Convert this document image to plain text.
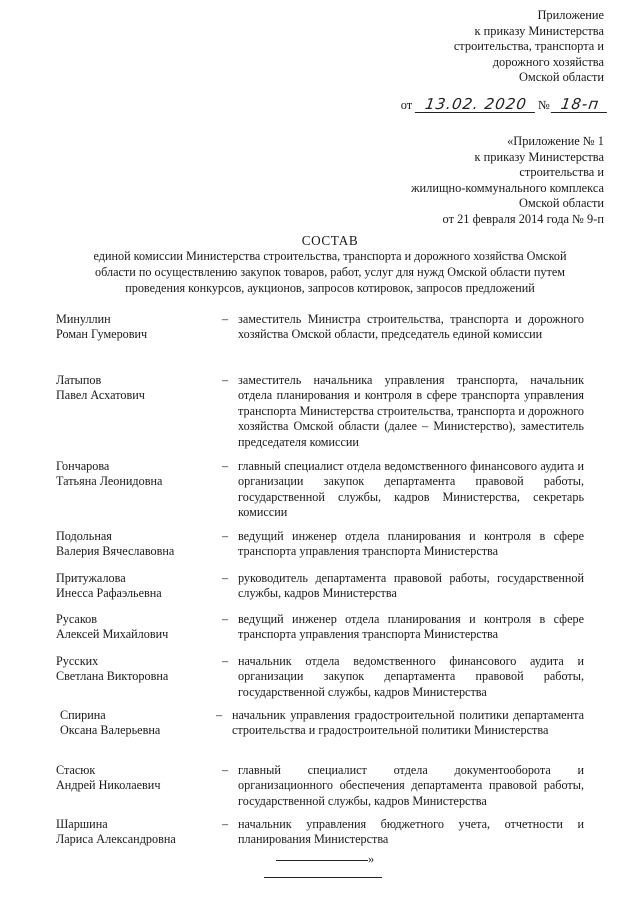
Приложение
к приказу Министерства
строительства, транспорта и
дорожного хозяйства
Омской области
от 13.02. 2020 № 18-п
«Приложение № 1
к приказу Министерства
строительства и
жилищно-коммунального комплекса
Омской области
от 21 февраля 2014 года № 9-п
СОСТАВ
единой комиссии Министерства строительства, транспорта и дорожного хозяйства Омской
области по осуществлению закупок товаров, работ, услуг для нужд Омской области путем
проведения конкурсов, аукционов, запросов котировок, запросов предложений
Минуллин
Роман Гумерович
– заместитель Министра строительства, транспорта и дорожного хозяйства Омской области, председатель единой комиссии
Латыпов
Павел Асхатович
– заместитель начальника управления транспорта, начальник отдела планирования и контроля в сфере транспорта управления транспорта Министерства строительства, транспорта и дорожного хозяйства Омской области (далее – Министерство), заместитель председателя комиссии
Гончарова
Татьяна Леонидовна
– главный специалист отдела ведомственного финансового аудита и организации закупок департамента правовой работы, государственной службы, кадров Министерства, секретарь комиссии
Подольная
Валерия Вячеславовна
– ведущий инженер отдела планирования и контроля в сфере транспорта управления транспорта Министерства
Притужалова
Инесса Рафаэльевна
– руководитель департамента правовой работы, государственной службы, кадров Министерства
Русаков
Алексей Михайлович
– ведущий инженер отдела планирования и контроля в сфере транспорта управления транспорта Министерства
Русских
Светлана Викторовна
– начальник отдела ведомственного финансового аудита и организации закупок департамента правовой работы, государственной службы, кадров Министерства
Спирина
Оксана Валерьевна
– начальник управления градостроительной политики департамента строительства и градостроительной политики Министерства
Стасюк
Андрей Николаевич
– главный специалист отдела документооборота и организационного обеспечения департамента правовой работы, государственной службы, кадров Министерства
Шаршина
Лариса Александровна
– начальник управления бюджетного учета, отчетности и планирования Министерства
»
